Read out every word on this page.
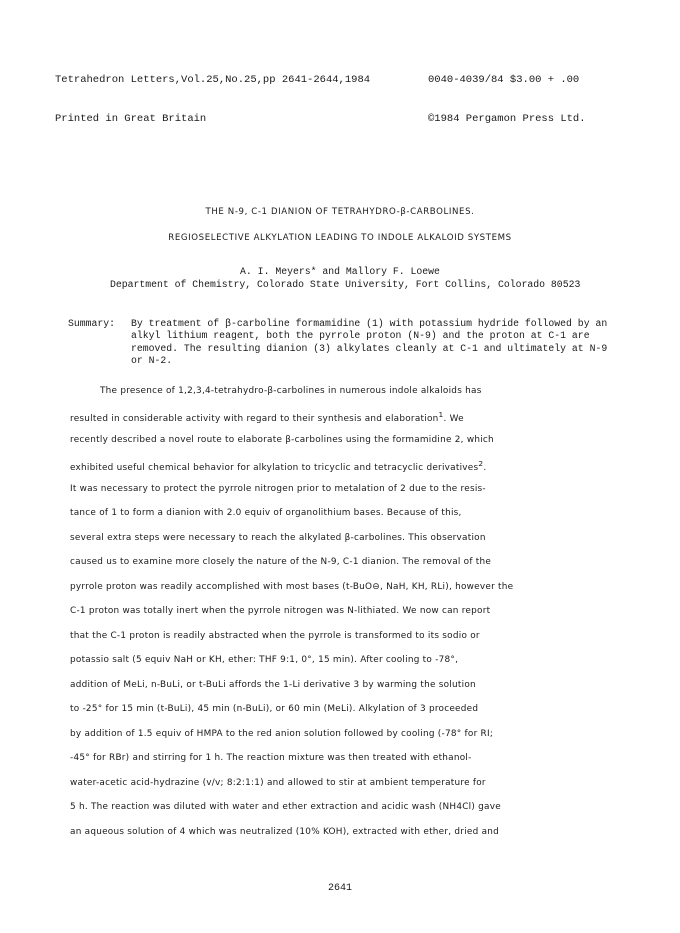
Tetrahedron Letters,Vol.25,No.25,pp 2641-2644,1984

Printed in Great Britain

0040-4039/84 $3.00 + .00

©1984 Pergamon Press Ltd.

THE N-9, C-1 DIANION OF TETRAHYDRO-β-CARBOLINES.
REGIOSELECTIVE ALKYLATION LEADING TO INDOLE ALKALOID SYSTEMS
A. I. Meyers* and Mallory F. Loewe
Department of Chemistry, Colorado State University, Fort Collins, Colorado 80523
Summary: By treatment of β-carboline formamidine (1) with potassium hydride followed by an alkyl lithium reagent, both the pyrrole proton (N-9) and the proton at C-1 are removed. The resulting dianion (3) alkylates cleanly at C-1 and ultimately at N-9 or N-2.
The presence of 1,2,3,4-tetrahydro-β-carbolines in numerous indole alkaloids has
resulted in considerable activity with regard to their synthesis and elaboration$^1$. We
recently described a novel route to elaborate β-carbolines using the formamidine 2, which
exhibited useful chemical behavior for alkylation to tricyclic and tetracyclic derivatives$^2$.
It was necessary to protect the pyrrole nitrogen prior to metalation of 2 due to the resis-
tance of 1 to form a dianion with 2.0 equiv of organolithium bases. Because of this,
several extra steps were necessary to reach the alkylated β-carbolines. This observation
caused us to examine more closely the nature of the N-9, C-1 dianion. The removal of the
pyrrole proton was readily accomplished with most bases (t-BuO⊖, NaH, KH, RLi), however the
C-1 proton was totally inert when the pyrrole nitrogen was N-lithiated. We now can report
that the C-1 proton is readily abstracted when the pyrrole is transformed to its sodio or
potassio salt (5 equiv NaH or KH, ether: THF 9:1, 0°, 15 min). After cooling to -78°,
addition of MeLi, n-BuLi, or t-BuLi affords the 1-Li derivative 3 by warming the solution
to -25° for 15 min (t-BuLi), 45 min (n-BuLi), or 60 min (MeLi). Alkylation of 3 proceeded
by addition of 1.5 equiv of HMPA to the red anion solution followed by cooling (-78° for RI;
-45° for RBr) and stirring for 1 h. The reaction mixture was then treated with ethanol-
water-acetic acid-hydrazine (v/v; 8:2:1:1) and allowed to stir at ambient temperature for
5 h. The reaction was diluted with water and ether extraction and acidic wash (NH4Cl) gave
an aqueous solution of 4 which was neutralized (10% KOH), extracted with ether, dried and
2641
